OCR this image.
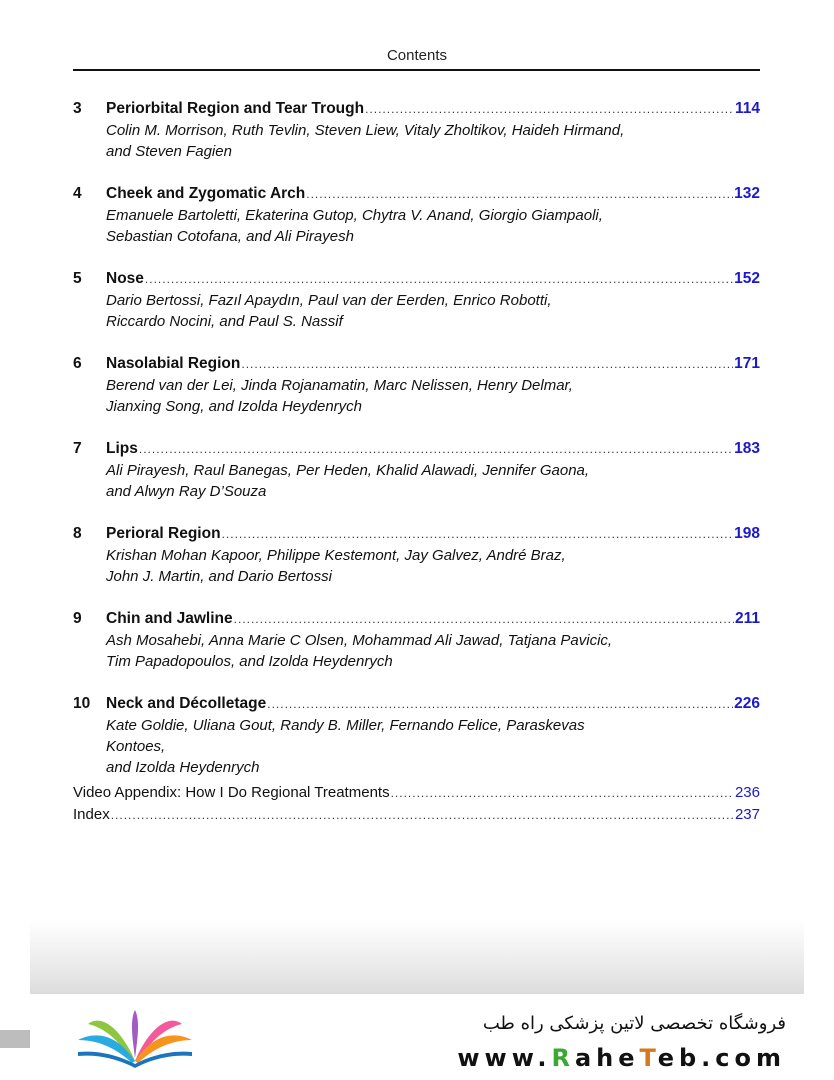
Contents
3	Periorbital Region and Tear Trough .....	114
Colin M. Morrison, Ruth Tevlin, Steven Liew, Vitaly Zholtikov, Haideh Hirmand,
and Steven Fagien
4	Cheek and Zygomatic Arch .....	132
Emanuele Bartoletti, Ekaterina Gutop, Chytra V. Anand, Giorgio Giampaoli,
Sebastian Cotofana, and Ali Pirayesh
5	Nose .....	152
Dario Bertossi, Fazıl Apaydın, Paul van der Eerden, Enrico Robotti,
Riccardo Nocini, and Paul S. Nassif
6	Nasolabial Region .....	171
Berend van der Lei, Jinda Rojanamatin, Marc Nelissen, Henry Delmar,
Jianxing Song, and Izolda Heydenrych
7	Lips .....	183
Ali Pirayesh, Raul Banegas, Per Heden, Khalid Alawadi, Jennifer Gaona,
and Alwyn Ray D’Souza
8	Perioral Region .....	198
Krishan Mohan Kapoor, Philippe Kestemont, Jay Galvez, André Braz,
John J. Martin, and Dario Bertossi
9	Chin and Jawline .....	211
Ash Mosahebi, Anna Marie C Olsen, Mohammad Ali Jawad, Tatjana Pavicic,
Tim Papadopoulos, and Izolda Heydenrych
10	Neck and Décolletage .....	226
Kate Goldie, Uliana Gout, Randy B. Miller, Fernando Felice, Paraskevas Kontoes,
and Izolda Heydenrych
Video Appendix: How I Do Regional Treatments .....	236
Index .....	237
فروشگاه تخصصی لاتین پزشکی راه طب
www.RaheTeb.com
